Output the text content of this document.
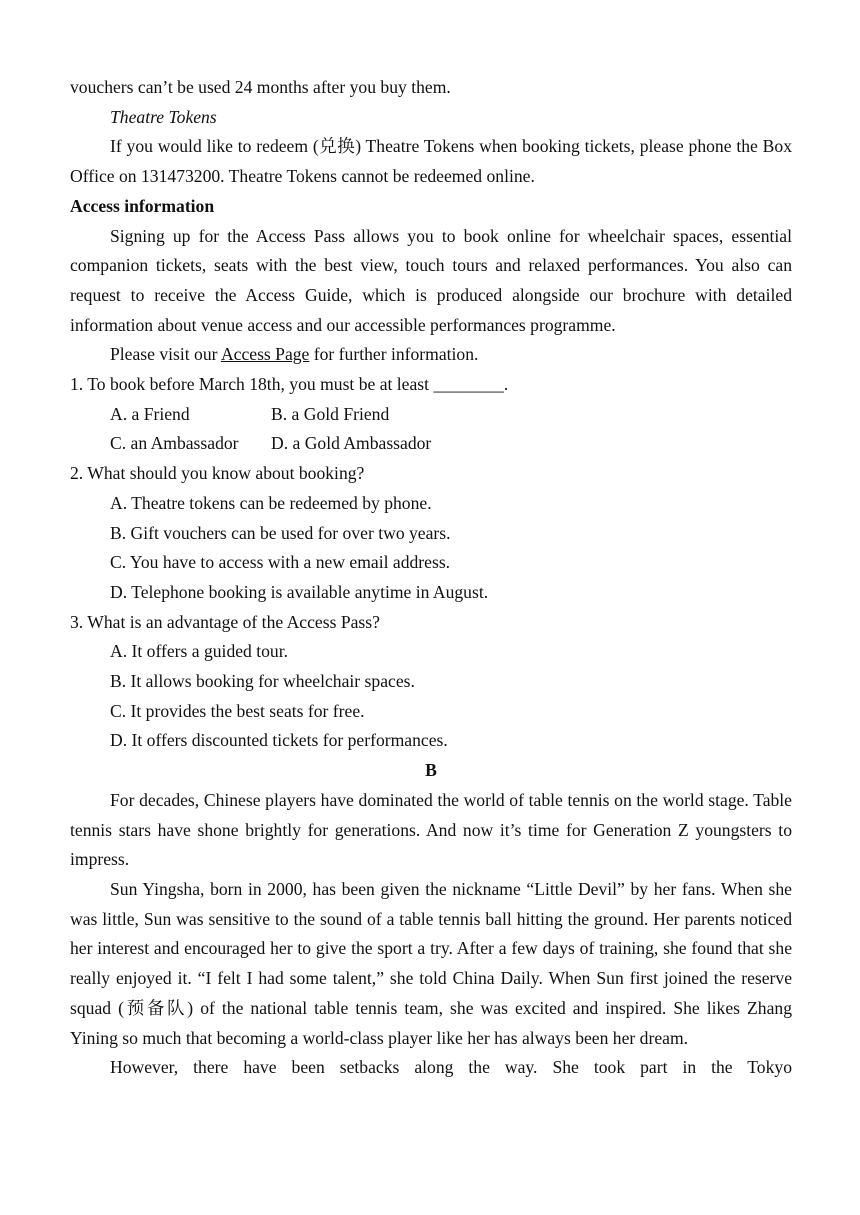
vouchers can’t be used 24 months after you buy them.

Theatre Tokens

If you would like to redeem (兑换) Theatre Tokens when booking tickets, please phone the Box Office on 131473200. Theatre Tokens cannot be redeemed online.

Access information

Signing up for the Access Pass allows you to book online for wheelchair spaces, essential companion tickets, seats with the best view, touch tours and relaxed performances. You also can request to receive the Access Guide, which is produced alongside our brochure with detailed information about venue access and our accessible performances programme.

Please visit our Access Page for further information.

1. To book before March 18th, you must be at least ________.

A. a Friend	B. a Gold Friend
C. an Ambassador	D. a Gold Ambassador

2. What should you know about booking?

A. Theatre tokens can be redeemed by phone.

B. Gift vouchers can be used for over two years.

C. You have to access with a new email address.

D. Telephone booking is available anytime in August.

3. What is an advantage of the Access Pass?

A. It offers a guided tour.

B. It allows booking for wheelchair spaces.

C. It provides the best seats for free.

D. It offers discounted tickets for performances.

B

For decades, Chinese players have dominated the world of table tennis on the world stage. Table tennis stars have shone brightly for generations. And now it’s time for Generation Z youngsters to impress.

Sun Yingsha, born in 2000, has been given the nickname “Little Devil” by her fans. When she was little, Sun was sensitive to the sound of a table tennis ball hitting the ground. Her parents noticed her interest and encouraged her to give the sport a try. After a few days of training, she found that she really enjoyed it. “I felt I had some talent,” she told China Daily. When Sun first joined the reserve squad (预备队) of the national table tennis team, she was excited and inspired. She likes Zhang Yining so much that becoming a world-class player like her has always been her dream.

However, there have been setbacks along the way. She took part in the Tokyo
